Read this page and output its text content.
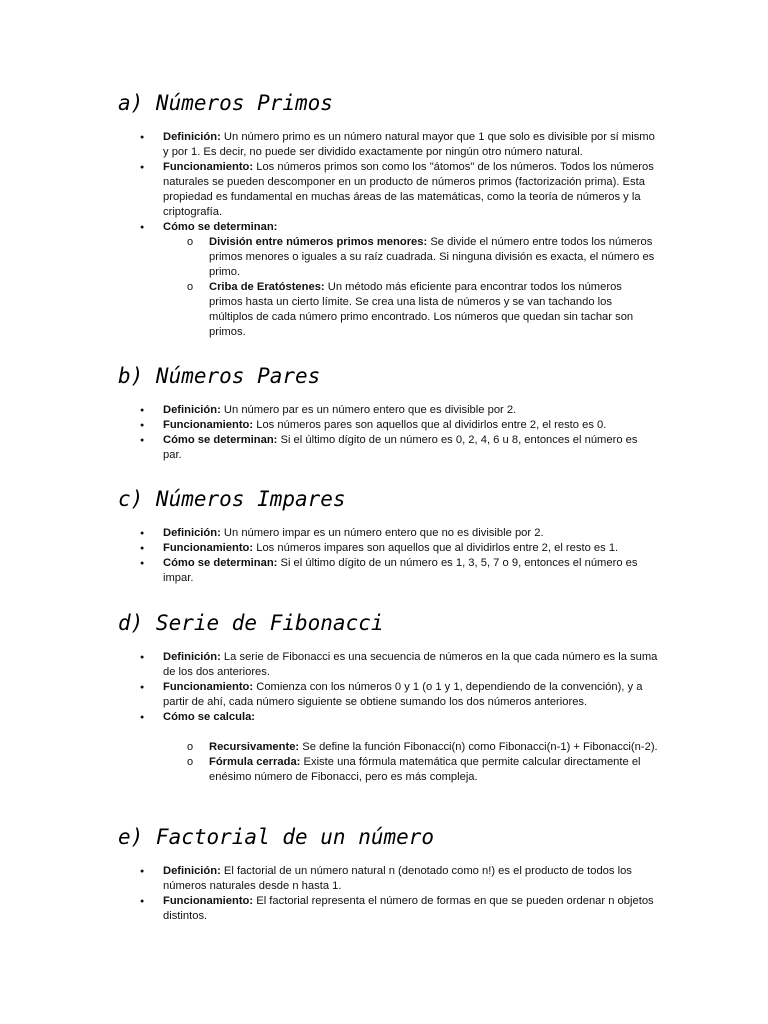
a) Números Primos
● Definición: Un número primo es un número natural mayor que 1 que solo es divisible por sí mismo y por 1. Es decir, no puede ser dividido exactamente por ningún otro número natural.
● Funcionamiento: Los números primos son como los "átomos" de los números. Todos los números naturales se pueden descomponer en un producto de números primos (factorización prima). Esta propiedad es fundamental en muchas áreas de las matemáticas, como la teoría de números y la criptografía.
● Cómo se determinan:
o División entre números primos menores: Se divide el número entre todos los números primos menores o iguales a su raíz cuadrada. Si ninguna división es exacta, el número es primo.
o Criba de Eratóstenes: Un método más eficiente para encontrar todos los números primos hasta un cierto límite. Se crea una lista de números y se van tachando los múltiplos de cada número primo encontrado. Los números que quedan sin tachar son primos.
b) Números Pares
● Definición: Un número par es un número entero que es divisible por 2.
● Funcionamiento: Los números pares son aquellos que al dividirlos entre 2, el resto es 0.
● Cómo se determinan: Si el último dígito de un número es 0, 2, 4, 6 u 8, entonces el número es par.
c) Números Impares
● Definición: Un número impar es un número entero que no es divisible por 2.
● Funcionamiento: Los números impares son aquellos que al dividirlos entre 2, el resto es 1.
● Cómo se determinan: Si el último dígito de un número es 1, 3, 5, 7 o 9, entonces el número es impar.
d) Serie de Fibonacci
● Definición: La serie de Fibonacci es una secuencia de números en la que cada número es la suma de los dos anteriores.
● Funcionamiento: Comienza con los números 0 y 1 (o 1 y 1, dependiendo de la convención), y a partir de ahí, cada número siguiente se obtiene sumando los dos números anteriores.
● Cómo se calcula:
o Recursivamente: Se define la función Fibonacci(n) como Fibonacci(n-1) + Fibonacci(n-2).
o Fórmula cerrada: Existe una fórmula matemática que permite calcular directamente el enésimo número de Fibonacci, pero es más compleja.
e) Factorial de un número
● Definición: El factorial de un número natural n (denotado como n!) es el producto de todos los números naturales desde n hasta 1.
● Funcionamiento: El factorial representa el número de formas en que se pueden ordenar n objetos distintos.
